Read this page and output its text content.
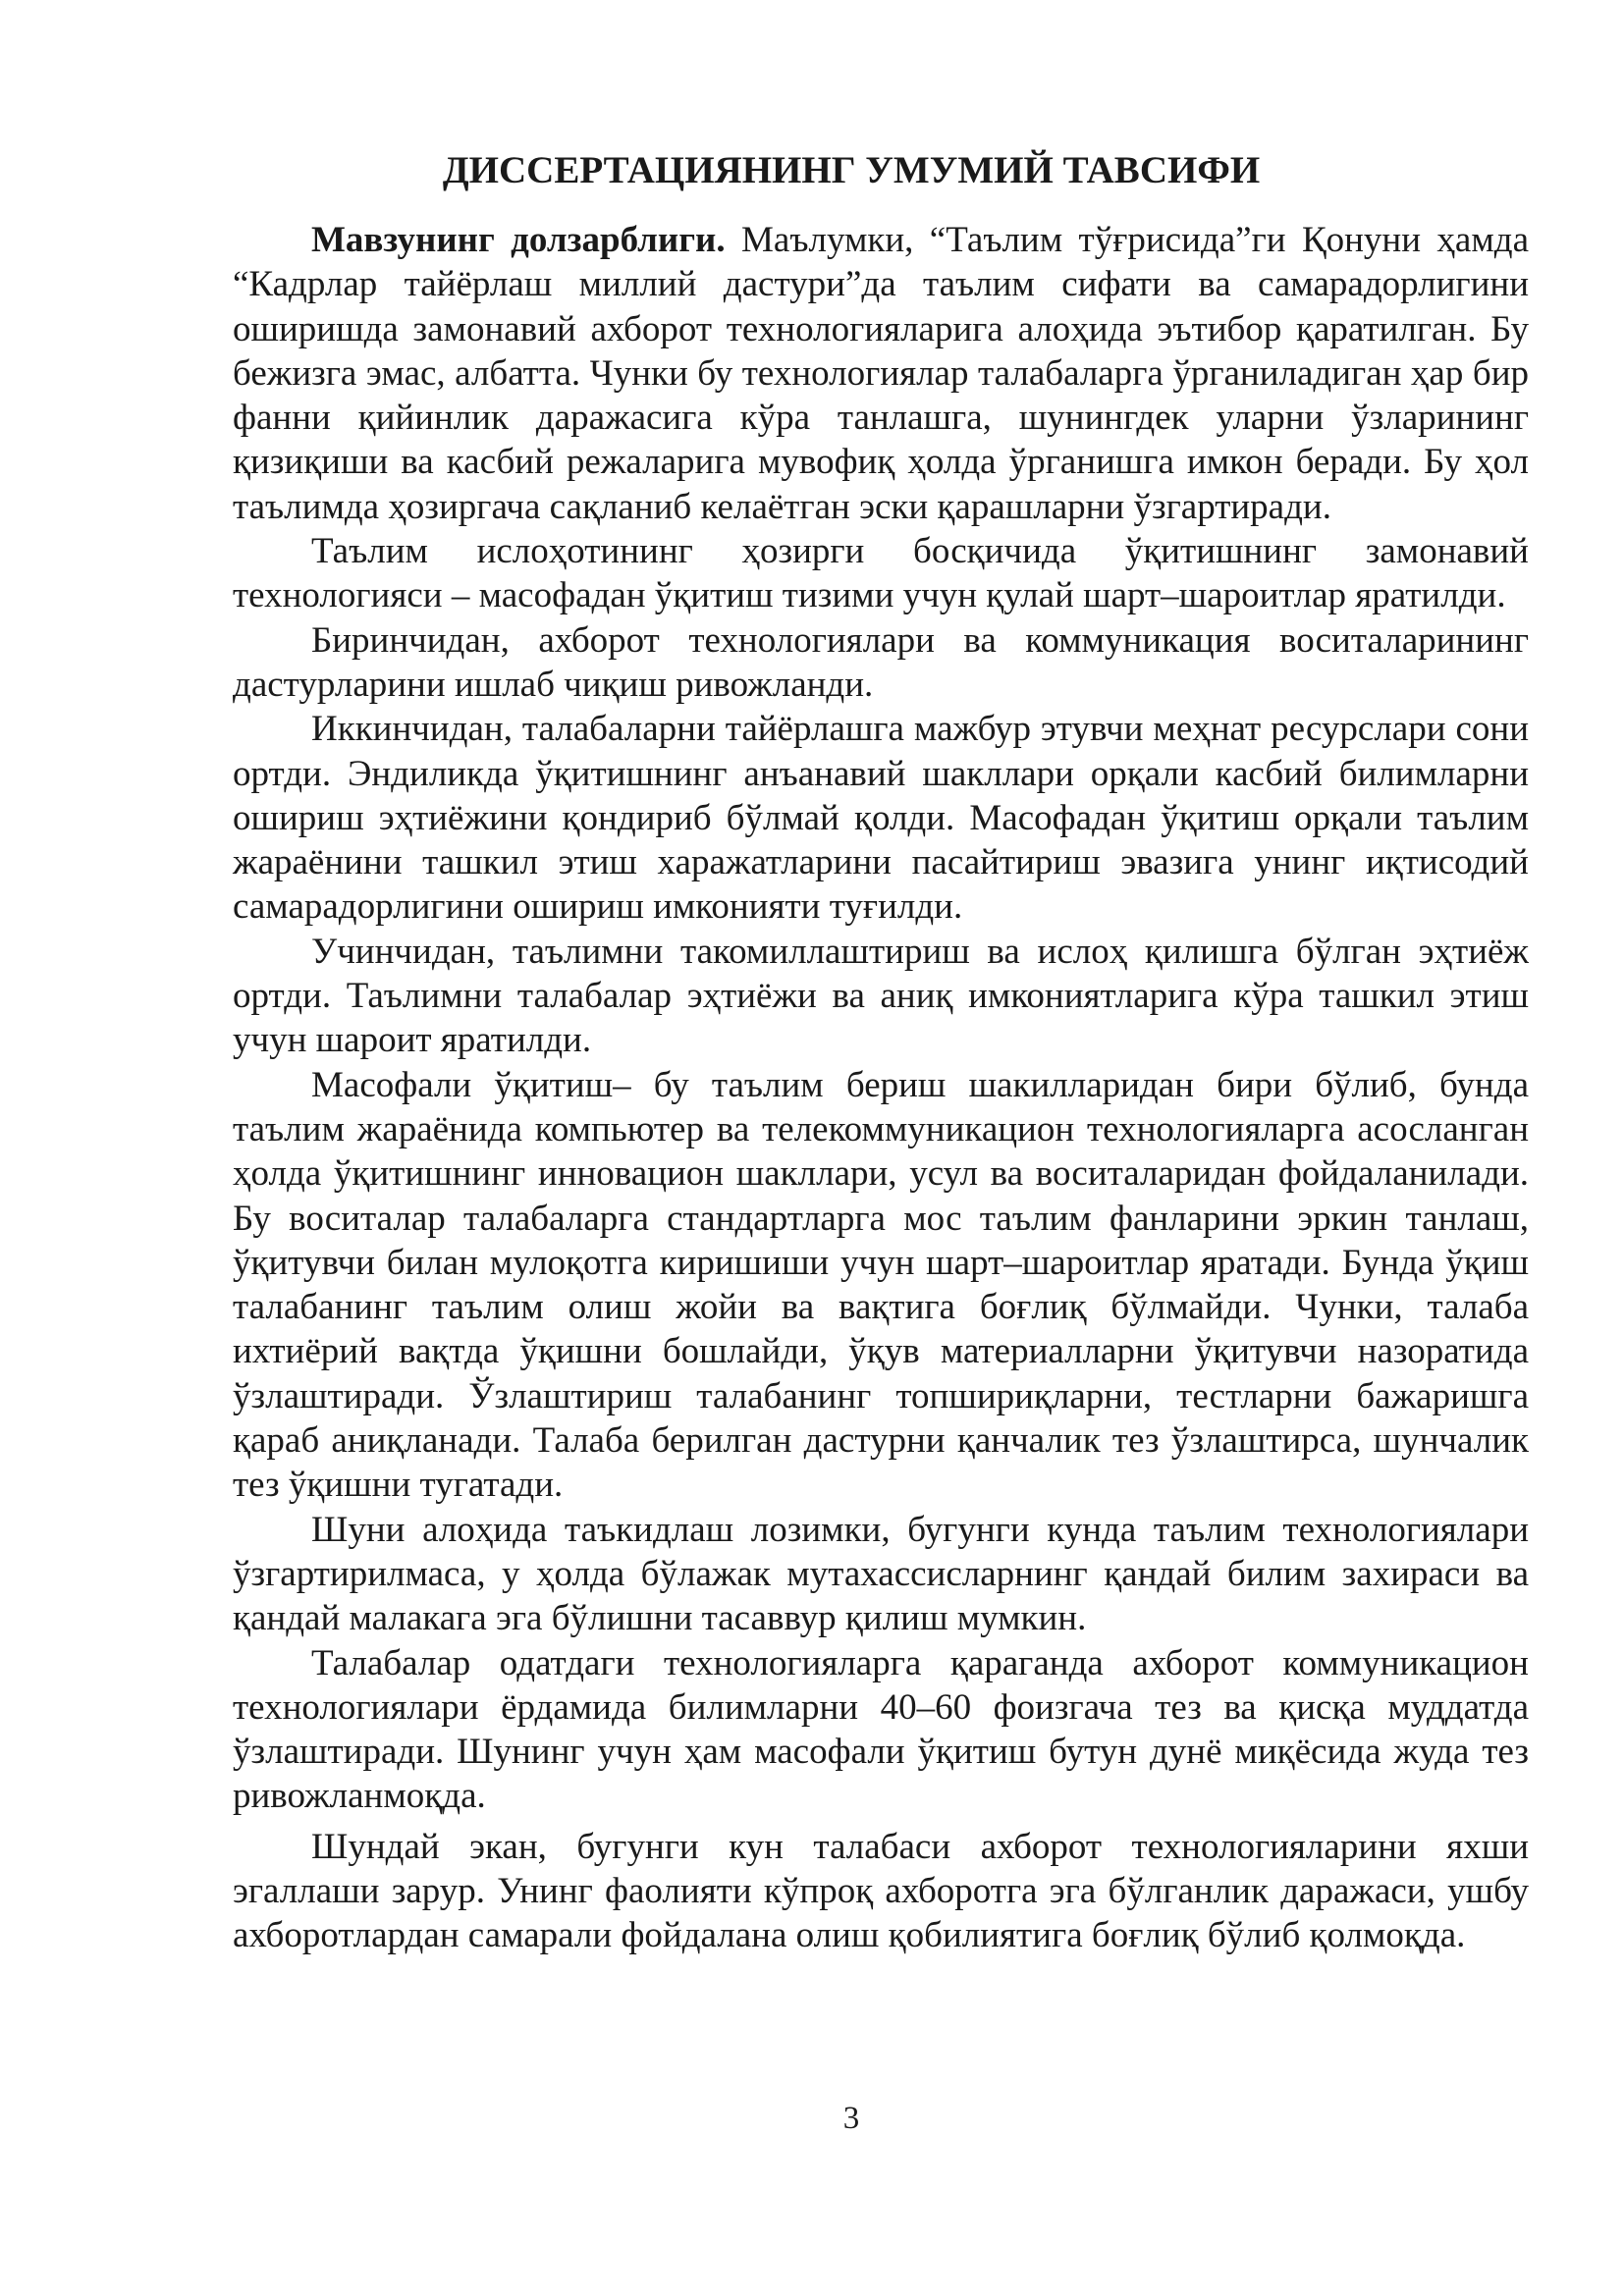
ДИССЕРТАЦИЯНИНГ УМУМИЙ ТАВСИФИ

Мавзунинг долзарблиги. Маълумки, “Таълим тўғрисида”ги Қонуни ҳамда “Кадрлар тайёрлаш миллий дастури”да таълим сифати ва самарадорлигини оширишда замонавий ахборот технологияларига алоҳида эътибор қаратилган. Бу бежизга эмас, албатта. Чунки бу технологиялар талабаларга ўрганиладиган ҳар бир фанни қийинлик даражасига кўра танлашга, шунингдек уларни ўзларининг қизиқиши ва касбий режаларига мувофиқ ҳолда ўрганишга имкон беради. Бу ҳол таълимда ҳозиргача сақланиб келаётган эски қарашларни ўзгартиради.

Таълим ислоҳотининг ҳозирги босқичида ўқитишнинг замонавий технологияси – масофадан ўқитиш тизими учун қулай шарт‒шароитлар яратилди.

Биринчидан, ахборот технологиялари ва коммуникация воситаларининг дастурларини ишлаб чиқиш ривожланди.

Иккинчидан, талабаларни тайёрлашга мажбур этувчи меҳнат ресурслари сони ортди. Эндиликда ўқитишнинг анъанавий шакллари орқали касбий билимларни ошириш эҳтиёжини қондириб бўлмай қолди. Масофадан ўқитиш орқали таълим жараёнини ташкил этиш харажатларини пасайтириш эвазига унинг иқтисодий самарадорлигини ошириш имконияти туғилди.

Учинчидан, таълимни такомиллаштириш ва ислоҳ қилишга бўлган эҳтиёж ортди. Таълимни талабалар эҳтиёжи ва аниқ имкониятларига кўра ташкил этиш учун шароит яратилди.

Масофали ўқитиш‒ бу таълим бериш шакилларидан бири бўлиб, бунда таълим жараёнида компьютер ва телекоммуникацион технологияларга асосланган ҳолда ўқитишнинг инновацион шакллари, усул ва воситаларидан фойдаланилади. Бу воситалар талабаларга стандартларга мос таълим фанларини эркин танлаш, ўқитувчи билан мулоқотга киришиши учун шарт‒шароитлар яратади. Бунда ўқиш талабанинг таълим олиш жойи ва вақтига боғлиқ бўлмайди. Чунки, талаба ихтиёрий вақтда ўқишни бошлайди, ўқув материалларни ўқитувчи назоратида ўзлаштиради. Ўзлаштириш талабанинг топшириқларни, тестларни бажаришга қараб аниқланади. Талаба берилган дастурни қанчалик тез ўзлаштирса, шунчалик тез ўқишни тугатади.

Шуни алоҳида таъкидлаш лозимки, бугунги кунда таълим технологиялари ўзгартирилмаса, у ҳолда бўлажак мутахассисларнинг қандай билим захираси ва қандай малакага эга бўлишни тасаввур қилиш мумкин.

Талабалар одатдаги технологияларга қараганда ахборот коммуникацион технологиялари ёрдамида билимларни 40‒60 фоизгача тез ва қисқа муддатда ўзлаштиради. Шунинг учун ҳам масофали ўқитиш бутун дунё миқёсида жуда тез ривожланмоқда.

Шундай экан, бугунги кун талабаси ахборот технологияларини яхши эгаллаши зарур. Унинг фаолияти кўпроқ ахборотга эга бўлганлик даражаси, ушбу ахборотлардан самарали фойдалана олиш қобилиятига боғлиқ бўлиб қолмоқда.

3
